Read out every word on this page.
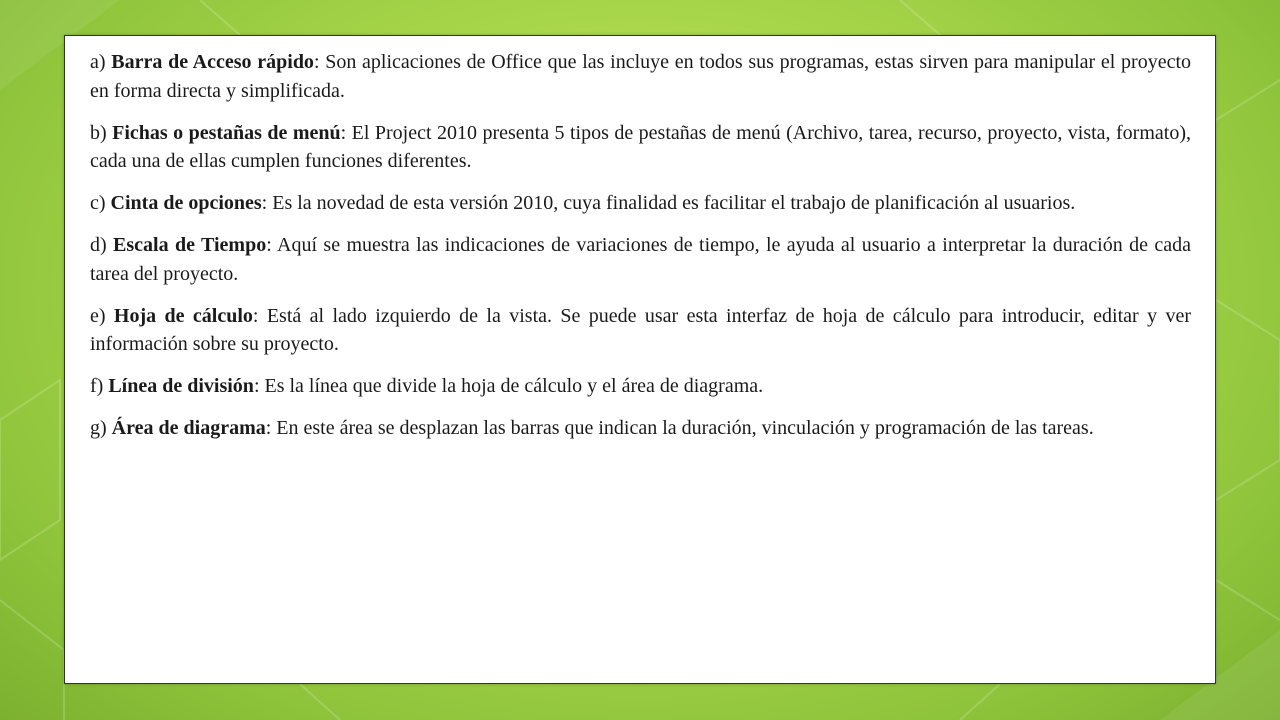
a) Barra de Acceso rápido: Son aplicaciones de Office que las incluye en todos sus programas, estas sirven para manipular el proyecto en forma directa y simplificada.

b) Fichas o pestañas de menú: El Project 2010 presenta 5 tipos de pestañas de menú (Archivo, tarea, recurso, proyecto, vista, formato), cada una de ellas cumplen funciones diferentes.

c) Cinta de opciones: Es la novedad de esta versión 2010, cuya finalidad es facilitar el trabajo de planificación al usuarios.

d) Escala de Tiempo: Aquí se muestra las indicaciones de variaciones de tiempo, le ayuda al usuario a interpretar la duración de cada tarea del proyecto.

e) Hoja de cálculo: Está al lado izquierdo de la vista. Se puede usar esta interfaz de hoja de cálculo para introducir, editar y ver información sobre su proyecto.

f) Línea de división: Es la línea que divide la hoja de cálculo y el área de diagrama.

g) Área de diagrama: En este área se desplazan las barras que indican la duración, vinculación y programación de las tareas.
